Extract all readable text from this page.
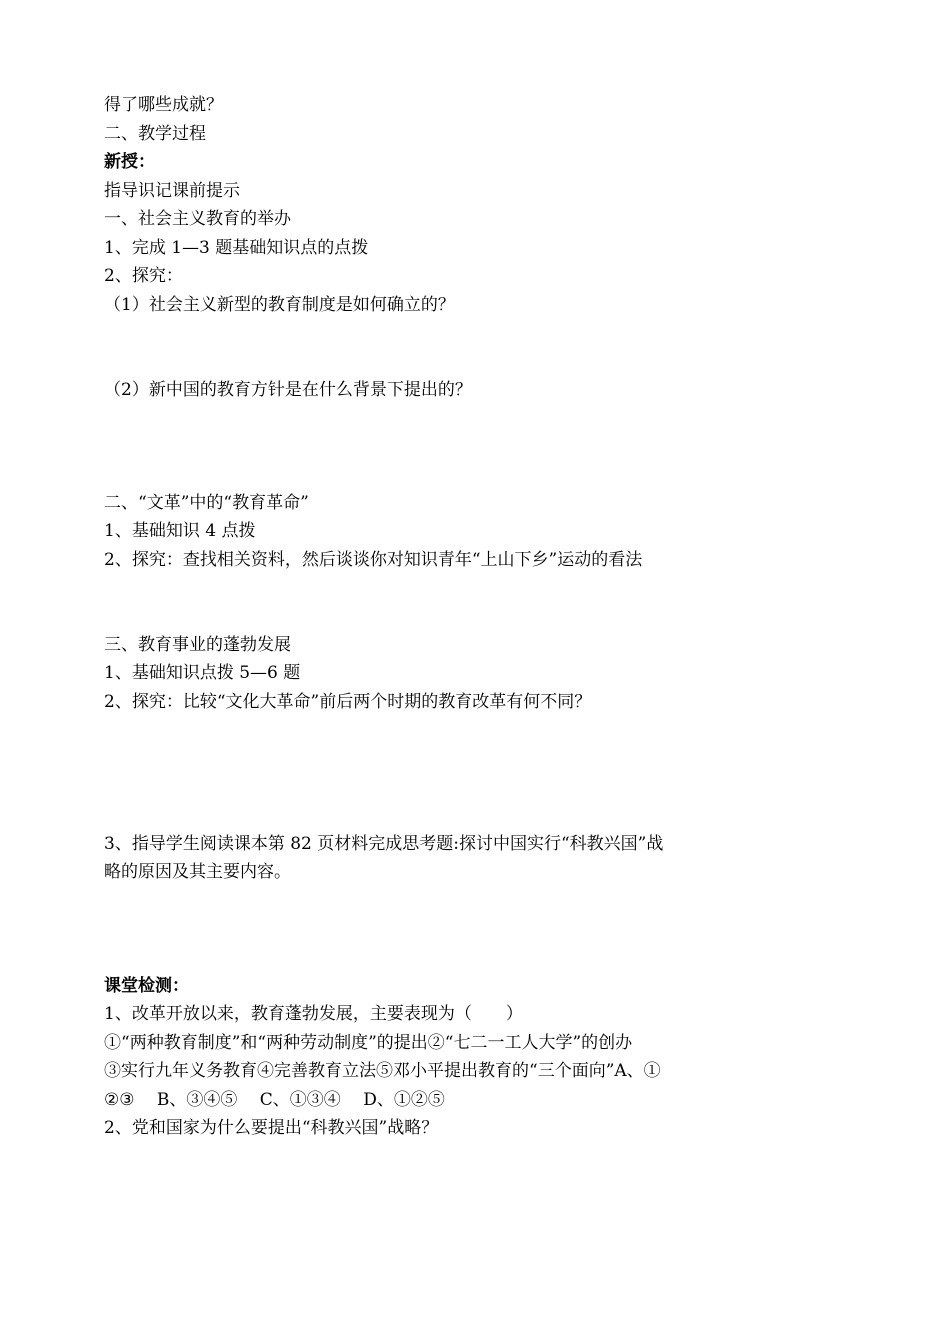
得了哪些成就？
二、教学过程
新授：
指导识记课前提示
一、社会主义教育的举办
1、完成 1—3 题基础知识点的点拨
2、探究：
（1）社会主义新型的教育制度是如何确立的？
（2）新中国的教育方针是在什么背景下提出的？
二、“文革”中的“教育革命”
1、基础知识 4 点拨
2、探究：查找相关资料，然后谈谈你对知识青年“上山下乡”运动的看法
三、教育事业的蓬勃发展
1、基础知识点拨 5—6 题
2、探究：比较“文化大革命”前后两个时期的教育改革有何不同？
3、指导学生阅读课本第 82 页材料完成思考题:探讨中国实行“科教兴国”战
略的原因及其主要内容。
课堂检测：
1、改革开放以来，教育蓬勃发展，主要表现为（　　）
①“两种教育制度”和“两种劳动制度”的提出②“七二一工人大学”的创办
③实行九年义务教育④完善教育立法⑤邓小平提出教育的“三个面向”A、①
②③　 B、③④⑤　 C、①③④　 D、①②⑤
2、党和国家为什么要提出“科教兴国”战略？
